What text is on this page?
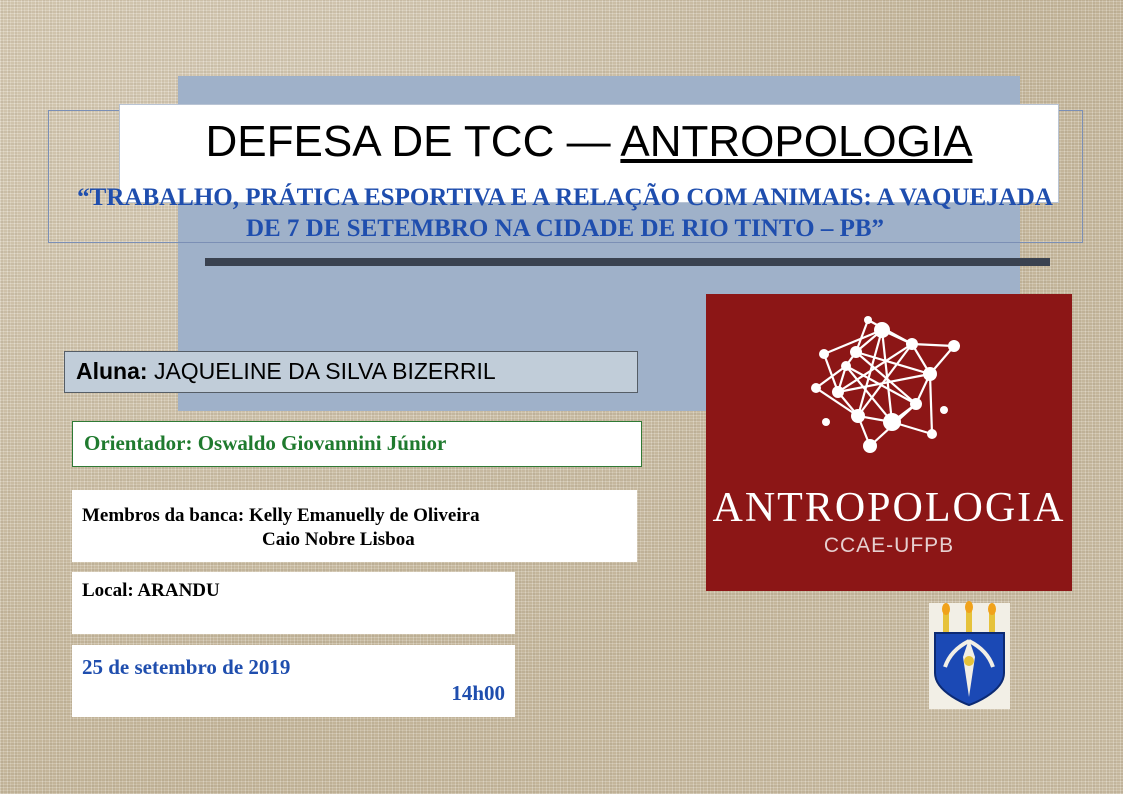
DEFESA DE TCC — ANTROPOLOGIA
“TRABALHO, PRÁTICA ESPORTIVA E A RELAÇÃO COM ANIMAIS: A VAQUEJADA DE 7 DE SETEMBRO NA CIDADE DE RIO TINTO – PB”
Aluna: JAQUELINE DA SILVA BIZERRIL
Orientador: Oswaldo Giovannini Júnior
Membros da banca: Kelly Emanuelly de Oliveira
Caio Nobre Lisboa
Local: ARANDU
25 de setembro de 2019
14h00
ANTROPOLOGIA
CCAE-UFPB
